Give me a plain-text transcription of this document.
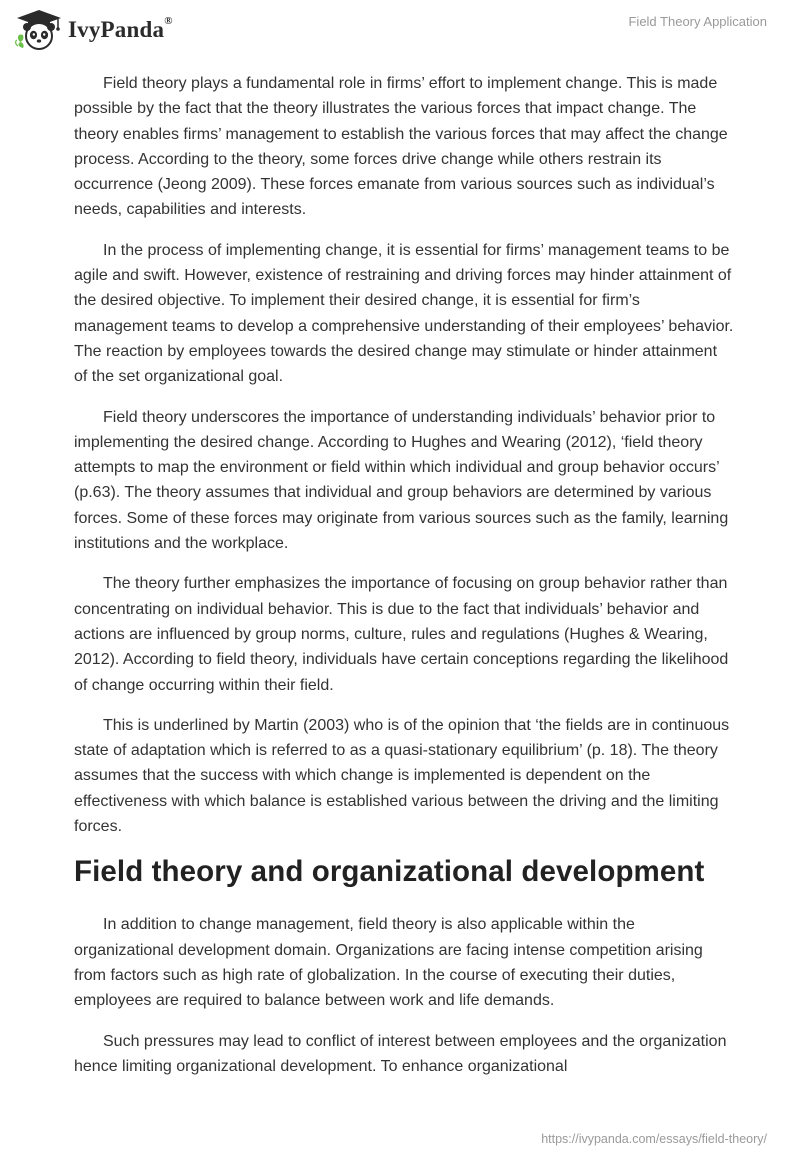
IvyPanda®	Field Theory Application

Field theory plays a fundamental role in firms’ effort to implement change. This is made possible by the fact that the theory illustrates the various forces that impact change. The theory enables firms’ management to establish the various forces that may affect the change process. According to the theory, some forces drive change while others restrain its occurrence (Jeong 2009). These forces emanate from various sources such as individual’s needs, capabilities and interests.

In the process of implementing change, it is essential for firms’ management teams to be agile and swift. However, existence of restraining and driving forces may hinder attainment of the desired objective. To implement their desired change, it is essential for firm’s management teams to develop a comprehensive understanding of their employees’ behavior. The reaction by employees towards the desired change may stimulate or hinder attainment of the set organizational goal.

Field theory underscores the importance of understanding individuals’ behavior prior to implementing the desired change. According to Hughes and Wearing (2012), ‘field theory attempts to map the environment or field within which individual and group behavior occurs’ (p.63). The theory assumes that individual and group behaviors are determined by various forces. Some of these forces may originate from various sources such as the family, learning institutions and the workplace.

The theory further emphasizes the importance of focusing on group behavior rather than concentrating on individual behavior. This is due to the fact that individuals’ behavior and actions are influenced by group norms, culture, rules and regulations (Hughes & Wearing, 2012). According to field theory, individuals have certain conceptions regarding the likelihood of change occurring within their field.

This is underlined by Martin (2003) who is of the opinion that ‘the fields are in continuous state of adaptation which is referred to as a quasi-stationary equilibrium’ (p. 18). The theory assumes that the success with which change is implemented is dependent on the effectiveness with which balance is established various between the driving and the limiting forces.

Field theory and organizational development

In addition to change management, field theory is also applicable within the organizational development domain. Organizations are facing intense competition arising from factors such as high rate of globalization. In the course of executing their duties, employees are required to balance between work and life demands.

Such pressures may lead to conflict of interest between employees and the organization hence limiting organizational development. To enhance organizational

https://ivypanda.com/essays/field-theory/
